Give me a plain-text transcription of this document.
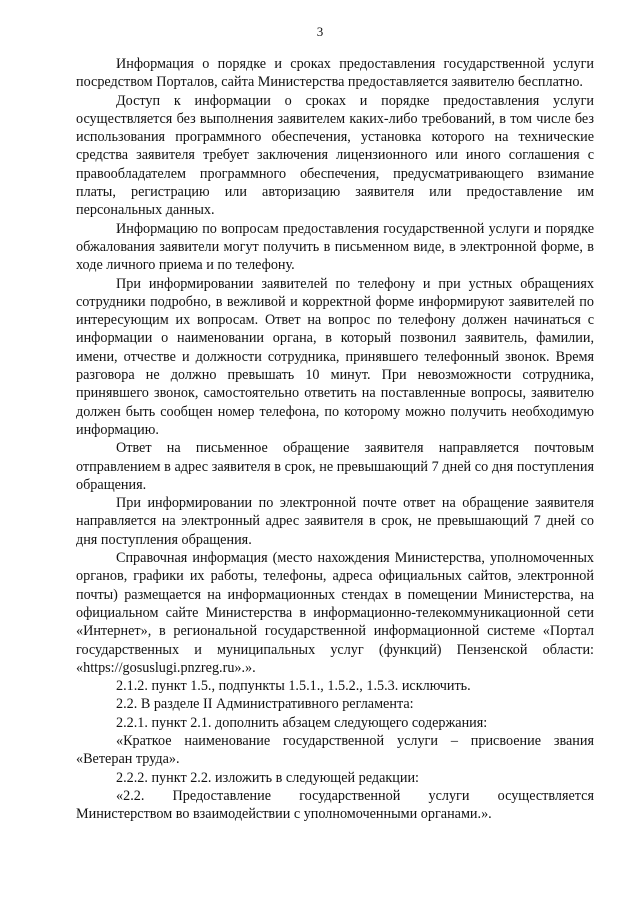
3

Информация о порядке и сроках предоставления государственной услуги посредством Порталов, сайта Министерства предоставляется заявителю бесплатно.

Доступ к информации о сроках и порядке предоставления услуги осуществляется без выполнения заявителем каких-либо требований, в том числе без использования программного обеспечения, установка которого на технические средства заявителя требует заключения лицензионного или иного соглашения с правообладателем программного обеспечения, предусматривающего взимание платы, регистрацию или авторизацию заявителя или предоставление им персональных данных.

Информацию по вопросам предоставления государственной услуги и порядке обжалования заявители могут получить в письменном виде, в электронной форме, в ходе личного приема и по телефону.

При информировании заявителей по телефону и при устных обращениях сотрудники подробно, в вежливой и корректной форме информируют заявителей по интересующим их вопросам. Ответ на вопрос по телефону должен начинаться с информации о наименовании органа, в который позвонил заявитель, фамилии, имени, отчестве и должности сотрудника, принявшего телефонный звонок. Время разговора не должно превышать 10 минут. При невозможности сотрудника, принявшего звонок, самостоятельно ответить на поставленные вопросы, заявителю должен быть сообщен номер телефона, по которому можно получить необходимую информацию.

Ответ на письменное обращение заявителя направляется почтовым отправлением в адрес заявителя в срок, не превышающий 7 дней со дня поступления обращения.

При информировании по электронной почте ответ на обращение заявителя направляется на электронный адрес заявителя в срок, не превышающий 7 дней со дня поступления обращения.

Справочная информация (место нахождения Министерства, уполномоченных органов, графики их работы, телефоны, адреса официальных сайтов, электронной почты) размещается на информационных стендах в помещении Министерства, на официальном сайте Министерства в информационно-телекоммуникационной сети «Интернет», в региональной государственной информационной системе «Портал государственных и муниципальных услуг (функций) Пензенской области: «https://gosuslugi.pnzreg.ru».».

2.1.2. пункт 1.5., подпункты 1.5.1., 1.5.2., 1.5.3. исключить.

2.2. В разделе II Административного регламента:

2.2.1. пункт 2.1. дополнить абзацем следующего содержания:

«Краткое наименование государственной услуги – присвоение звания «Ветеран труда».

2.2.2. пункт 2.2. изложить в следующей редакции:

«2.2. Предоставление государственной услуги осуществляется Министерством во взаимодействии с уполномоченными органами.».
